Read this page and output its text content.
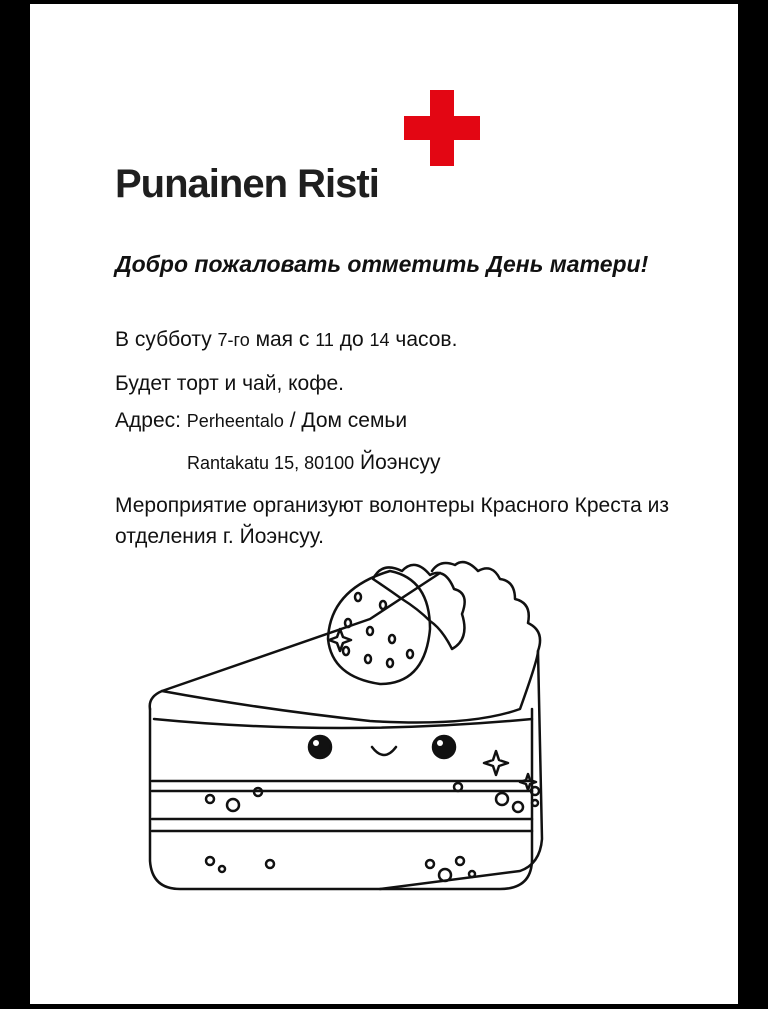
Punainen Risti
Добро пожаловать отметить День матери!
В субботу 7-го мая с 11 до 14 часов.
Будет торт и чай, кофе.
Адрес: Perheentalo / Дом семьи
Rantakatu 15, 80100 Йоэнсуу
Мероприятие организуют волонтеры Красного Креста из отделения г. Йоэнсуу.
